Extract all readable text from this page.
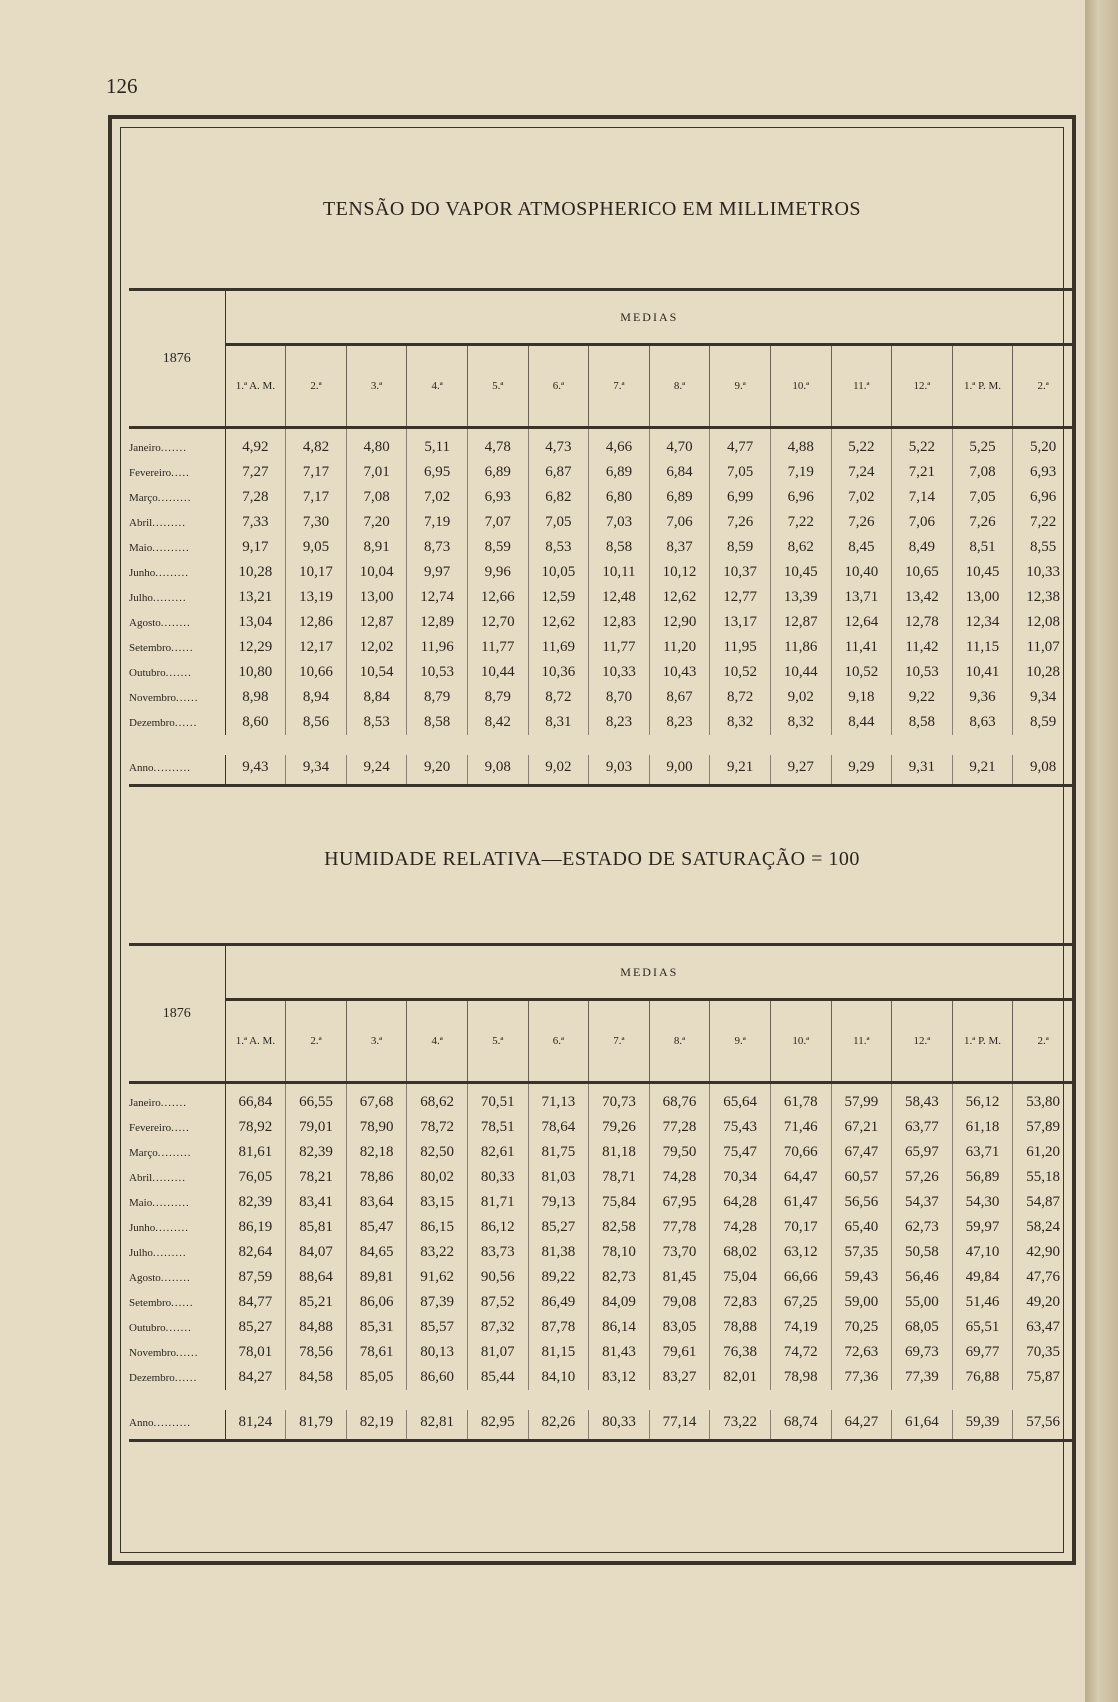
126
TENSÃO DO VAPOR ATMOSPHERICO EM MILLIMETROS
1876	MEDIAS													
	1.ª A. M.	2.ª	3.ª	4.ª	5.ª	6.ª	7.ª	8.ª	9.ª	10.ª	11.ª	12.ª	1.ª P. M.	2.ª
Janeiro.......	4,92	4,82	4,80	5,11	4,78	4,73	4,66	4,70	4,77	4,88	5,22	5,22	5,25	5,20
Fevereiro.....	7,27	7,17	7,01	6,95	6,89	6,87	6,89	6,84	7,05	7,19	7,24	7,21	7,08	6,93
Março.........	7,28	7,17	7,08	7,02	6,93	6,82	6,80	6,89	6,99	6,96	7,02	7,14	7,05	6,96
Abril.........	7,33	7,30	7,20	7,19	7,07	7,05	7,03	7,06	7,26	7,22	7,26	7,06	7,26	7,22
Maio..........	9,17	9,05	8,91	8,73	8,59	8,53	8,58	8,37	8,59	8,62	8,45	8,49	8,51	8,55
Junho.........	10,28	10,17	10,04	9,97	9,96	10,05	10,11	10,12	10,37	10,45	10,40	10,65	10,45	10,33
Julho.........	13,21	13,19	13,00	12,74	12,66	12,59	12,48	12,62	12,77	13,39	13,71	13,42	13,00	12,38
Agosto........	13,04	12,86	12,87	12,89	12,70	12,62	12,83	12,90	13,17	12,87	12,64	12,78	12,34	12,08
Setembro......	12,29	12,17	12,02	11,96	11,77	11,69	11,77	11,20	11,95	11,86	11,41	11,42	11,15	11,07
Outubro.......	10,80	10,66	10,54	10,53	10,44	10,36	10,33	10,43	10,52	10,44	10,52	10,53	10,41	10,28
Novembro......	8,98	8,94	8,84	8,79	8,79	8,72	8,70	8,67	8,72	9,02	9,18	9,22	9,36	9,34
Dezembro......	8,60	8,56	8,53	8,58	8,42	8,31	8,23	8,23	8,32	8,32	8,44	8,58	8,63	8,59

Anno..........	9,43	9,34	9,24	9,20	9,08	9,02	9,03	9,00	9,21	9,27	9,29	9,31	9,21	9,08
HUMIDADE RELATIVA—ESTADO DE SATURAÇÃO = 100
1876	MEDIAS													
	1.ª A. M.	2.ª	3.ª	4.ª	5.ª	6.ª	7.ª	8.ª	9.ª	10.ª	11.ª	12.ª	1.ª P. M.	2.ª
Janeiro.......	66,84	66,55	67,68	68,62	70,51	71,13	70,73	68,76	65,64	61,78	57,99	58,43	56,12	53,80
Fevereiro.....	78,92	79,01	78,90	78,72	78,51	78,64	79,26	77,28	75,43	71,46	67,21	63,77	61,18	57,89
Março.........	81,61	82,39	82,18	82,50	82,61	81,75	81,18	79,50	75,47	70,66	67,47	65,97	63,71	61,20
Abril.........	76,05	78,21	78,86	80,02	80,33	81,03	78,71	74,28	70,34	64,47	60,57	57,26	56,89	55,18
Maio..........	82,39	83,41	83,64	83,15	81,71	79,13	75,84	67,95	64,28	61,47	56,56	54,37	54,30	54,87
Junho.........	86,19	85,81	85,47	86,15	86,12	85,27	82,58	77,78	74,28	70,17	65,40	62,73	59,97	58,24
Julho.........	82,64	84,07	84,65	83,22	83,73	81,38	78,10	73,70	68,02	63,12	57,35	50,58	47,10	42,90
Agosto........	87,59	88,64	89,81	91,62	90,56	89,22	82,73	81,45	75,04	66,66	59,43	56,46	49,84	47,76
Setembro......	84,77	85,21	86,06	87,39	87,52	86,49	84,09	79,08	72,83	67,25	59,00	55,00	51,46	49,20
Outubro.......	85,27	84,88	85,31	85,57	87,32	87,78	86,14	83,05	78,88	74,19	70,25	68,05	65,51	63,47
Novembro......	78,01	78,56	78,61	80,13	81,07	81,15	81,43	79,61	76,38	74,72	72,63	69,73	69,77	70,35
Dezembro......	84,27	84,58	85,05	86,60	85,44	84,10	83,12	83,27	82,01	78,98	77,36	77,39	76,88	75,87

Anno..........	81,24	81,79	82,19	82,81	82,95	82,26	80,33	77,14	73,22	68,74	64,27	61,64	59,39	57,56
